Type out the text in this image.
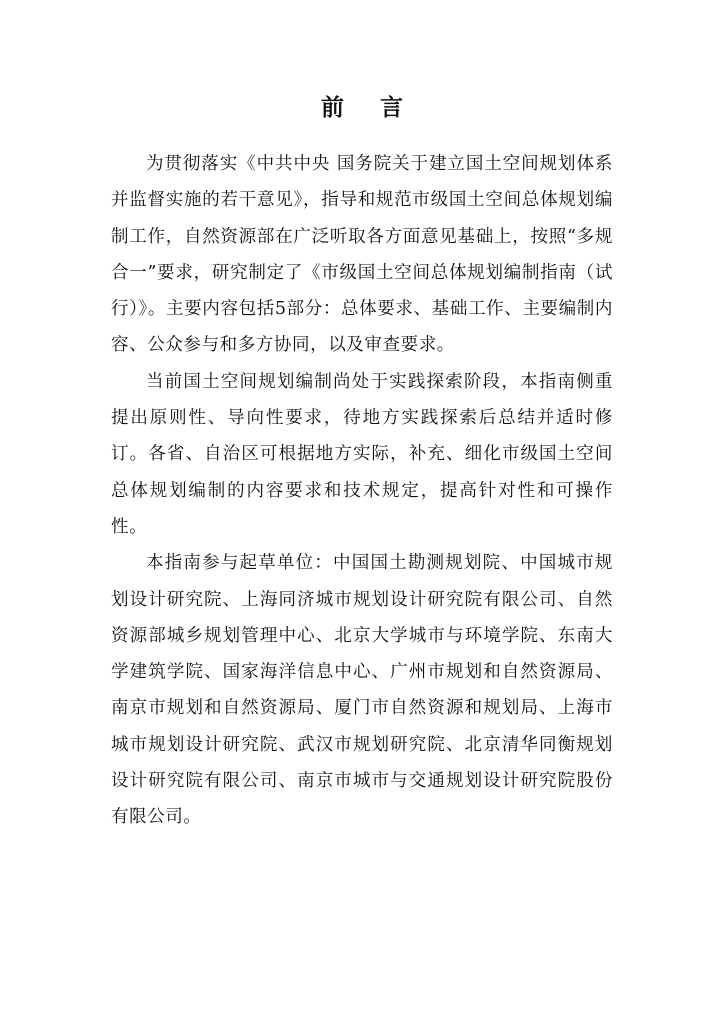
前 言

为贯彻落实《中共中央 国务院关于建立国土空间规划体系并监督实施的若干意见》，指导和规范市级国土空间总体规划编制工作，自然资源部在广泛听取各方面意见基础上，按照“多规合一”要求，研究制定了《市级国土空间总体规划编制指南（试行）》。主要内容包括5部分：总体要求、基础工作、主要编制内容、公众参与和多方协同，以及审查要求。

当前国土空间规划编制尚处于实践探索阶段，本指南侧重提出原则性、导向性要求，待地方实践探索后总结并适时修订。各省、自治区可根据地方实际，补充、细化市级国土空间总体规划编制的内容要求和技术规定，提高针对性和可操作性。

本指南参与起草单位：中国国土勘测规划院、中国城市规划设计研究院、上海同济城市规划设计研究院有限公司、自然资源部城乡规划管理中心、北京大学城市与环境学院、东南大学建筑学院、国家海洋信息中心、广州市规划和自然资源局、南京市规划和自然资源局、厦门市自然资源和规划局、上海市城市规划设计研究院、武汉市规划研究院、北京清华同衡规划设计研究院有限公司、南京市城市与交通规划设计研究院股份有限公司。
